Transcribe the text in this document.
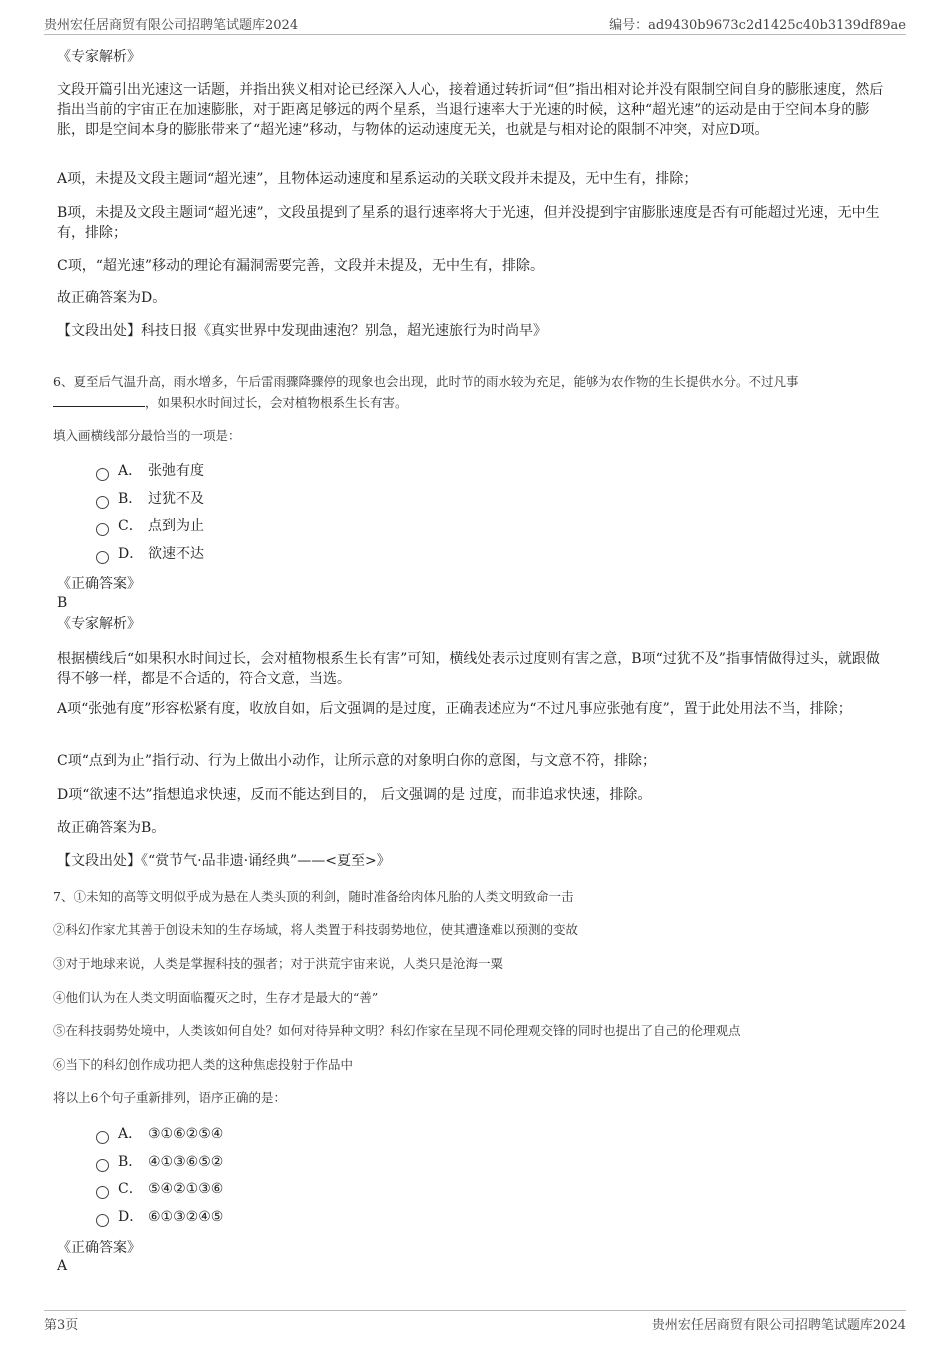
贵州宏任居商贸有限公司招聘笔试题库2024	编号：ad9430b9673c2d1425c40b3139df89ae
《专家解析》
文段开篇引出光速这一话题，并指出狭义相对论已经深入人心，接着通过转折词“但”指出相对论并没有限制空间自身的膨胀速度，然后指出当前的宇宙正在加速膨胀，对于距离足够远的两个星系，当退行速率大于光速的时候，这种“超光速”的运动是由于空间本身的膨胀，即是空间本身的膨胀带来了“超光速”移动，与物体的运动速度无关，也就是与相对论的限制不冲突，对应D项。
A项，未提及文段主题词“超光速”，且物体运动速度和星系运动的关联文段并未提及，无中生有，排除；
B项，未提及文段主题词“超光速”，文段虽提到了星系的退行速率将大于光速，但并没提到宇宙膨胀速度是否有可能超过光速，无中生有，排除；
C项，“超光速”移动的理论有漏洞需要完善，文段并未提及，无中生有，排除。
故正确答案为D。
【文段出处】科技日报《真实世界中发现曲速泡？别急，超光速旅行为时尚早》
6、夏至后气温升高，雨水增多，午后雷雨骤降骤停的现象也会出现，此时节的雨水较为充足，能够为农作物的生长提供水分。不过凡事
，如果积水时间过长，会对植物根系生长有害。
填入画横线部分最恰当的一项是：
A． 张弛有度
B． 过犹不及
C． 点到为止
D． 欲速不达
《正确答案》
B
《专家解析》
根据横线后“如果积水时间过长，会对植物根系生长有害”可知，横线处表示过度则有害之意，B项“过犹不及”指事情做得过头，就跟做得不够一样，都是不合适的，符合文意，当选。
A项“张弛有度”形容松紧有度，收放自如，后文强调的是过度，正确表述应为“不过凡事应张弛有度”，置于此处用法不当，排除；
C项“点到为止”指行动、行为上做出小动作，让所示意的对象明白你的意图，与文意不符，排除；
D项“欲速不达”指想追求快速，反而不能达到目的， 后文强调的是 过度，而非追求快速，排除。
故正确答案为B。
【文段出处】《“赏节气·品非遗·诵经典”——<夏至>》
7、①未知的高等文明似乎成为悬在人类头顶的利剑，随时准备给肉体凡胎的人类文明致命一击
②科幻作家尤其善于创设未知的生存场域，将人类置于科技弱势地位，使其遭逢难以预测的变故
③对于地球来说，人类是掌握科技的强者；对于洪荒宇宙来说，人类只是沧海一粟
④他们认为在人类文明面临覆灭之时，生存才是最大的“善”
⑤在科技弱势处境中，人类该如何自处？如何对待异种文明？科幻作家在呈现不同伦理观交锋的同时也提出了自己的伦理观点
⑥当下的科幻创作成功把人类的这种焦虑投射于作品中
将以上6个句子重新排列，语序正确的是：
A． ③①⑥②⑤④
B． ④①③⑥⑤②
C． ⑤④②①③⑥
D． ⑥①③②④⑤
《正确答案》
A
第3页	贵州宏任居商贸有限公司招聘笔试题库2024
